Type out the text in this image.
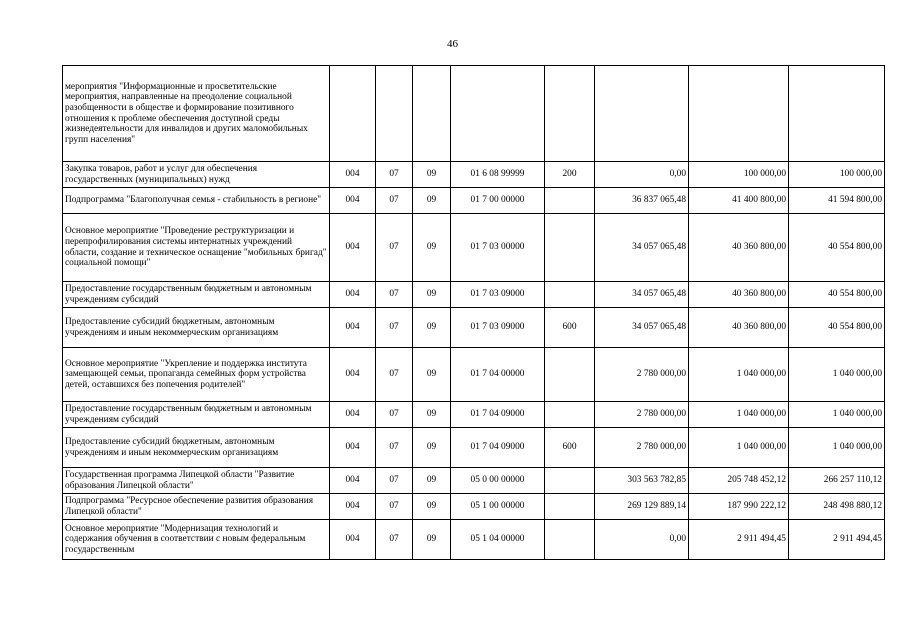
46
мероприятия "Информационные и просветительские мероприятия, направленные на преодоление социальной разобщенности в обществе и формирование позитивного отношения к проблеме обеспечения доступной среды жизнедеятельности для инвалидов и других маломобильных групп населения"								
Закупка товаров, работ и услуг для обеспечения государственных (муниципальных) нужд	004	07	09	01 6 08 99999	200	0,00	100 000,00	100 000,00
Подпрограмма "Благополучная семья - стабильность в регионе"	004	07	09	01 7 00 00000		36 837 065,48	41 400 800,00	41 594 800,00
Основное мероприятие "Проведение реструктуризации и перепрофилирования системы интернатных учреждений области, создание и техническое оснащение "мобильных бригад" социальной помощи"	004	07	09	01 7 03 00000		34 057 065,48	40 360 800,00	40 554 800,00
Предоставление государственным бюджетным и автономным учреждениям субсидий	004	07	09	01 7 03 09000		34 057 065,48	40 360 800,00	40 554 800,00
Предоставление субсидий бюджетным, автономным учреждениям и иным некоммерческим организациям	004	07	09	01 7 03 09000	600	34 057 065,48	40 360 800,00	40 554 800,00
Основное мероприятие "Укрепление и поддержка института замещающей семьи, пропаганда семейных форм устройства детей, оставшихся без попечения родителей"	004	07	09	01 7 04 00000		2 780 000,00	1 040 000,00	1 040 000,00
Предоставление государственным бюджетным и автономным учреждениям субсидий	004	07	09	01 7 04 09000		2 780 000,00	1 040 000,00	1 040 000,00
Предоставление субсидий бюджетным, автономным учреждениям и иным некоммерческим организациям	004	07	09	01 7 04 09000	600	2 780 000,00	1 040 000,00	1 040 000,00
Государственная программа Липецкой области "Развитие образования Липецкой области"	004	07	09	05 0 00 00000		303 563 782,85	205 748 452,12	266 257 110,12
Подпрограмма "Ресурсное обеспечение развития образования Липецкой области"	004	07	09	05 1 00 00000		269 129 889,14	187 990 222,12	248 498 880,12
Основное мероприятие "Модернизация технологий и содержания обучения в соответствии с новым федеральным государственным	004	07	09	05 1 04 00000		0,00	2 911 494,45	2 911 494,45
